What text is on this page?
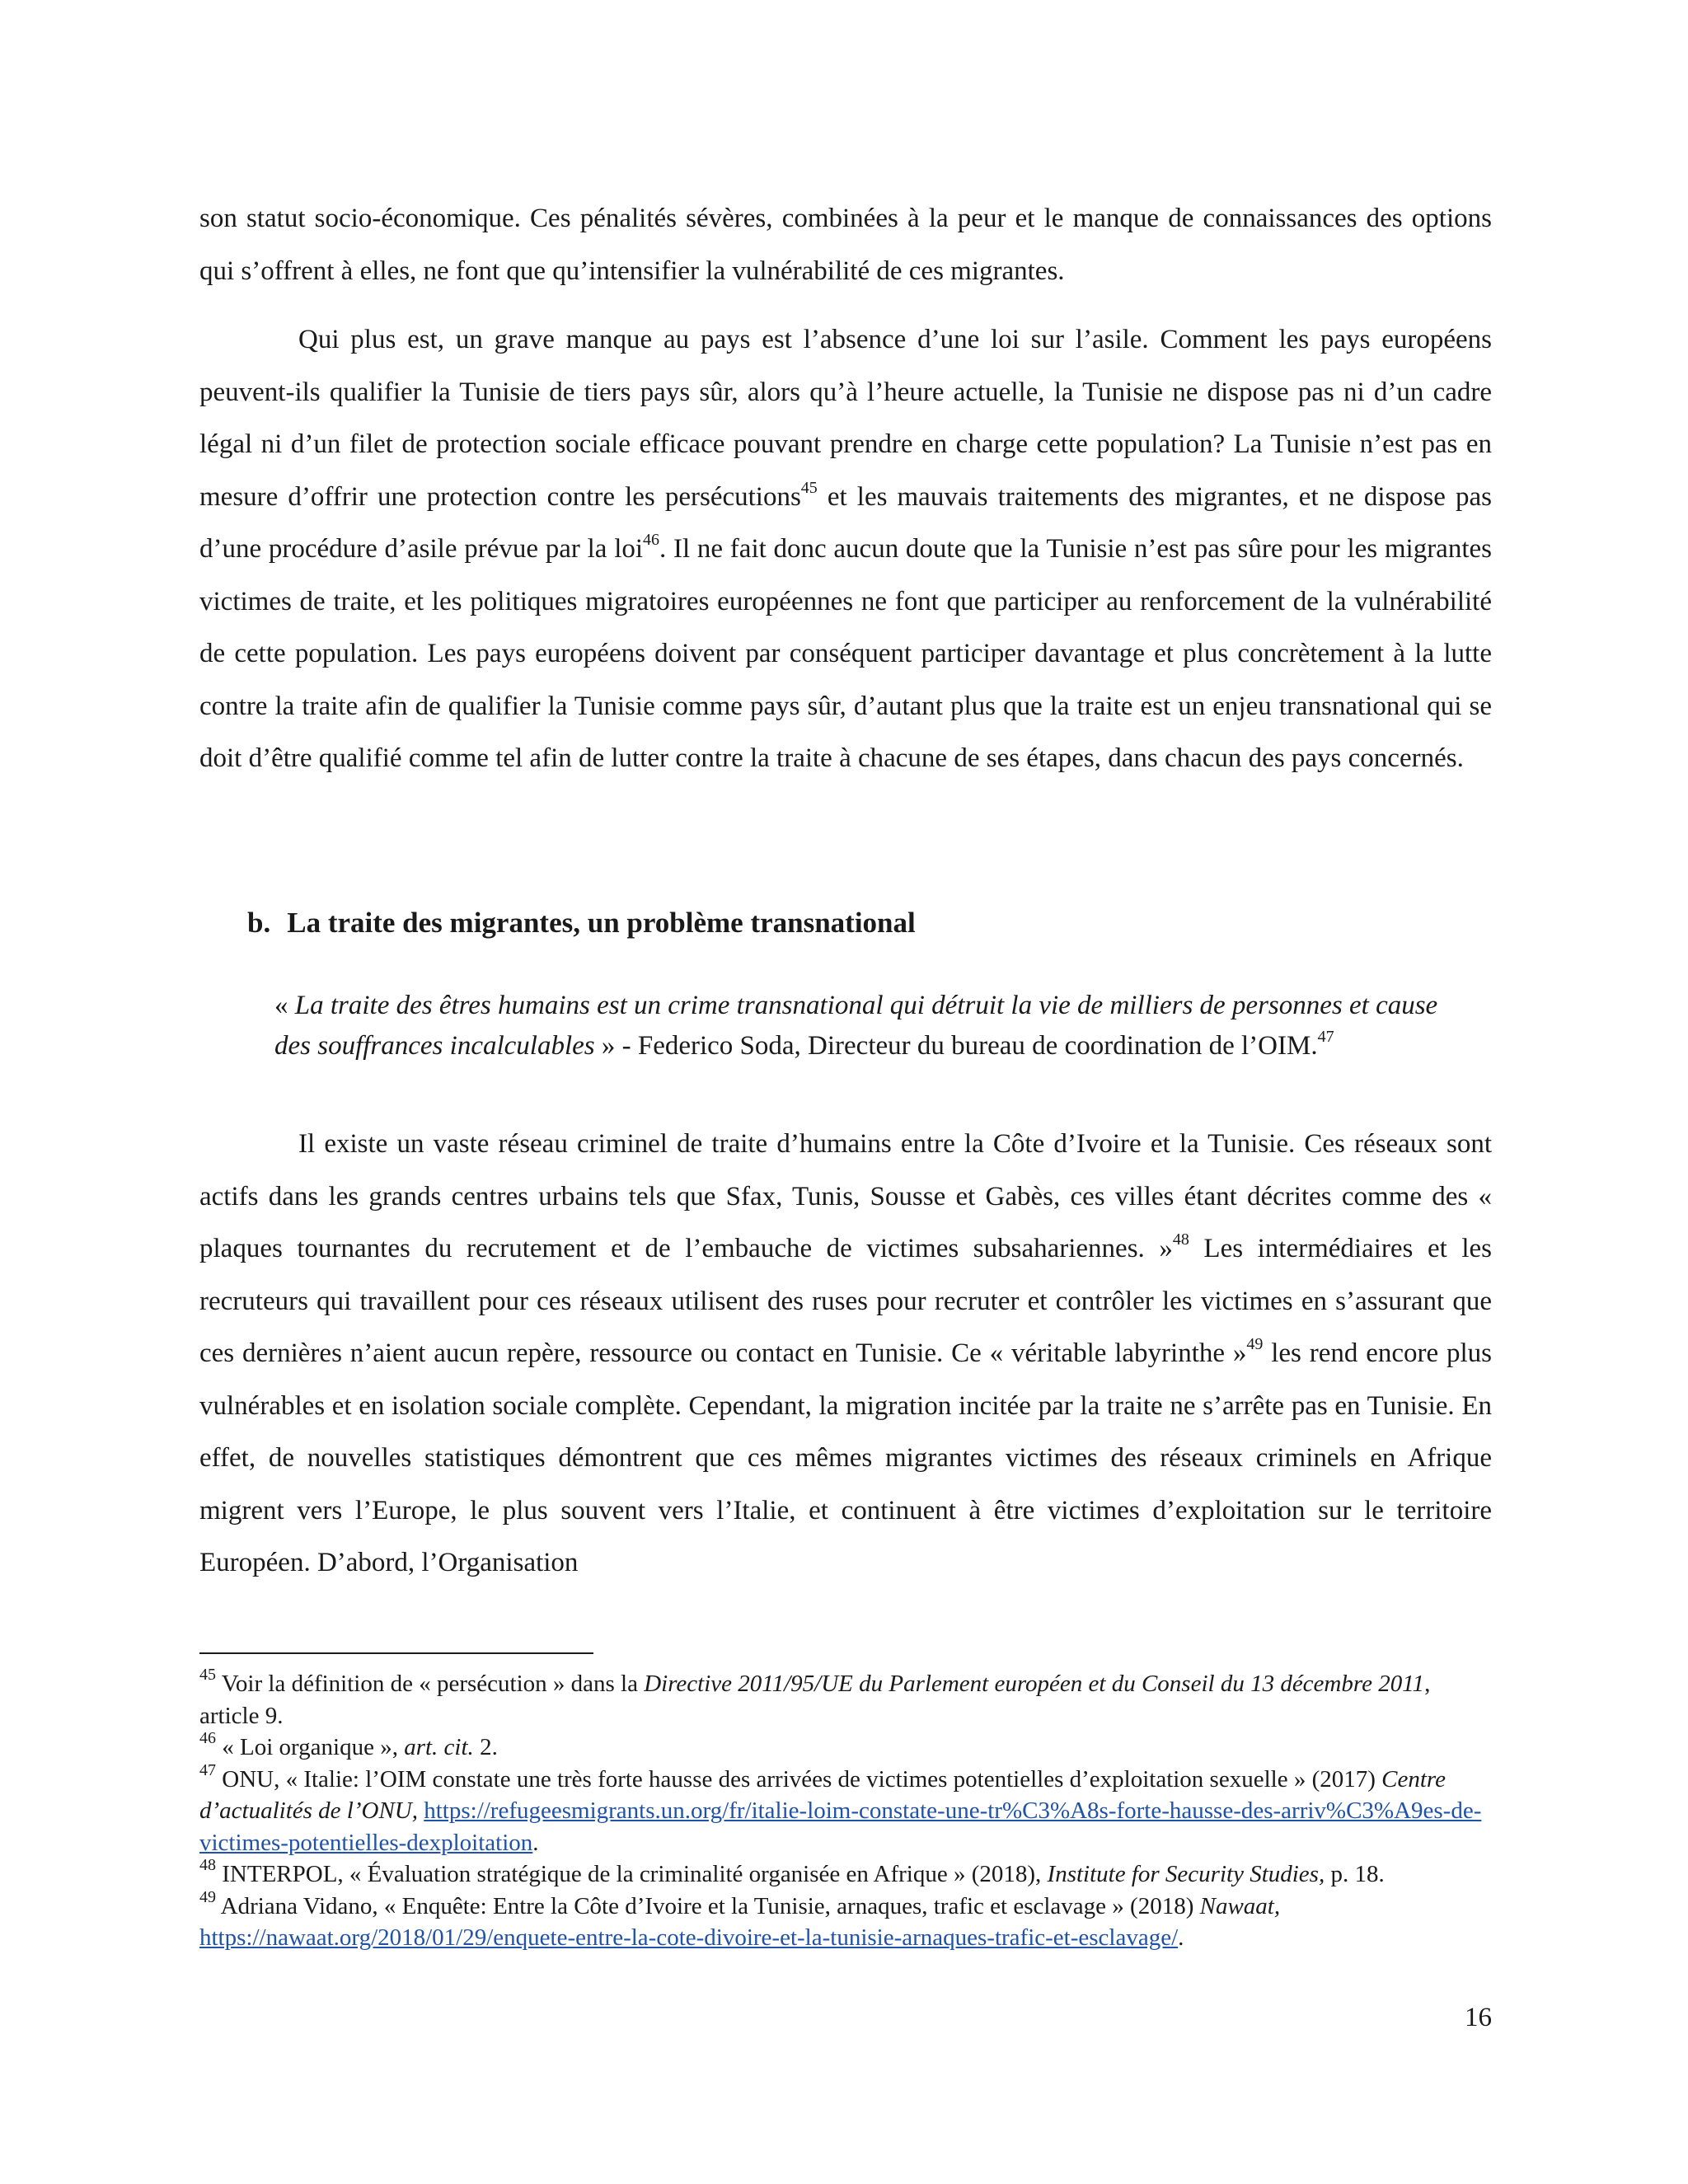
son statut socio-économique. Ces pénalités sévères, combinées à la peur et le manque de connaissances des options qui s’offrent à elles, ne font que qu’intensifier la vulnérabilité de ces migrantes.

Qui plus est, un grave manque au pays est l’absence d’une loi sur l’asile. Comment les pays européens peuvent-ils qualifier la Tunisie de tiers pays sûr, alors qu’à l’heure actuelle, la Tunisie ne dispose pas ni d’un cadre légal ni d’un filet de protection sociale efficace pouvant prendre en charge cette population? La Tunisie n’est pas en mesure d’offrir une protection contre les persécutions$^{45}$ et les mauvais traitements des migrantes, et ne dispose pas d’une procédure d’asile prévue par la loi$^{46}$. Il ne fait donc aucun doute que la Tunisie n’est pas sûre pour les migrantes victimes de traite, et les politiques migratoires européennes ne font que participer au renforcement de la vulnérabilité de cette population. Les pays européens doivent par conséquent participer davantage et plus concrètement à la lutte contre la traite afin de qualifier la Tunisie comme pays sûr, d’autant plus que la traite est un enjeu transnational qui se doit d’être qualifié comme tel afin de lutter contre la traite à chacune de ses étapes, dans chacun des pays concernés.

b. La traite des migrantes, un problème transnational

« La traite des êtres humains est un crime transnational qui détruit la vie de milliers de personnes et cause des souffrances incalculables » - Federico Soda, Directeur du bureau de coordination de l’OIM.$^{47}$

Il existe un vaste réseau criminel de traite d’humains entre la Côte d’Ivoire et la Tunisie. Ces réseaux sont actifs dans les grands centres urbains tels que Sfax, Tunis, Sousse et Gabès, ces villes étant décrites comme des « plaques tournantes du recrutement et de l’embauche de victimes subsahariennes. »$^{48}$ Les intermédiaires et les recruteurs qui travaillent pour ces réseaux utilisent des ruses pour recruter et contrôler les victimes en s’assurant que ces dernières n’aient aucun repère, ressource ou contact en Tunisie. Ce « véritable labyrinthe »$^{49}$ les rend encore plus vulnérables et en isolation sociale complète. Cependant, la migration incitée par la traite ne s’arrête pas en Tunisie. En effet, de nouvelles statistiques démontrent que ces mêmes migrantes victimes des réseaux criminels en Afrique migrent vers l’Europe, le plus souvent vers l’Italie, et continuent à être victimes d’exploitation sur le territoire Européen. D’abord, l’Organisation

$^{45}$ Voir la définition de « persécution » dans la Directive 2011/95/UE du Parlement européen et du Conseil du 13 décembre 2011, article 9.

$^{46}$ « Loi organique », art. cit. 2.

$^{47}$ ONU, « Italie: l’OIM constate une très forte hausse des arrivées de victimes potentielles d’exploitation sexuelle » (2017) Centre d’actualités de l’ONU, https://refugeesmigrants.un.org/fr/italie-loim-constate-une-tr%C3%A8s-forte-hausse-des-arriv%C3%A9es-de-victimes-potentielles-dexploitation.

$^{48}$ INTERPOL, « Évaluation stratégique de la criminalité organisée en Afrique » (2018), Institute for Security Studies, p. 18.

$^{49}$ Adriana Vidano, « Enquête: Entre la Côte d’Ivoire et la Tunisie, arnaques, trafic et esclavage » (2018) Nawaat,
https://nawaat.org/2018/01/29/enquete-entre-la-cote-divoire-et-la-tunisie-arnaques-trafic-et-esclavage/.

16
